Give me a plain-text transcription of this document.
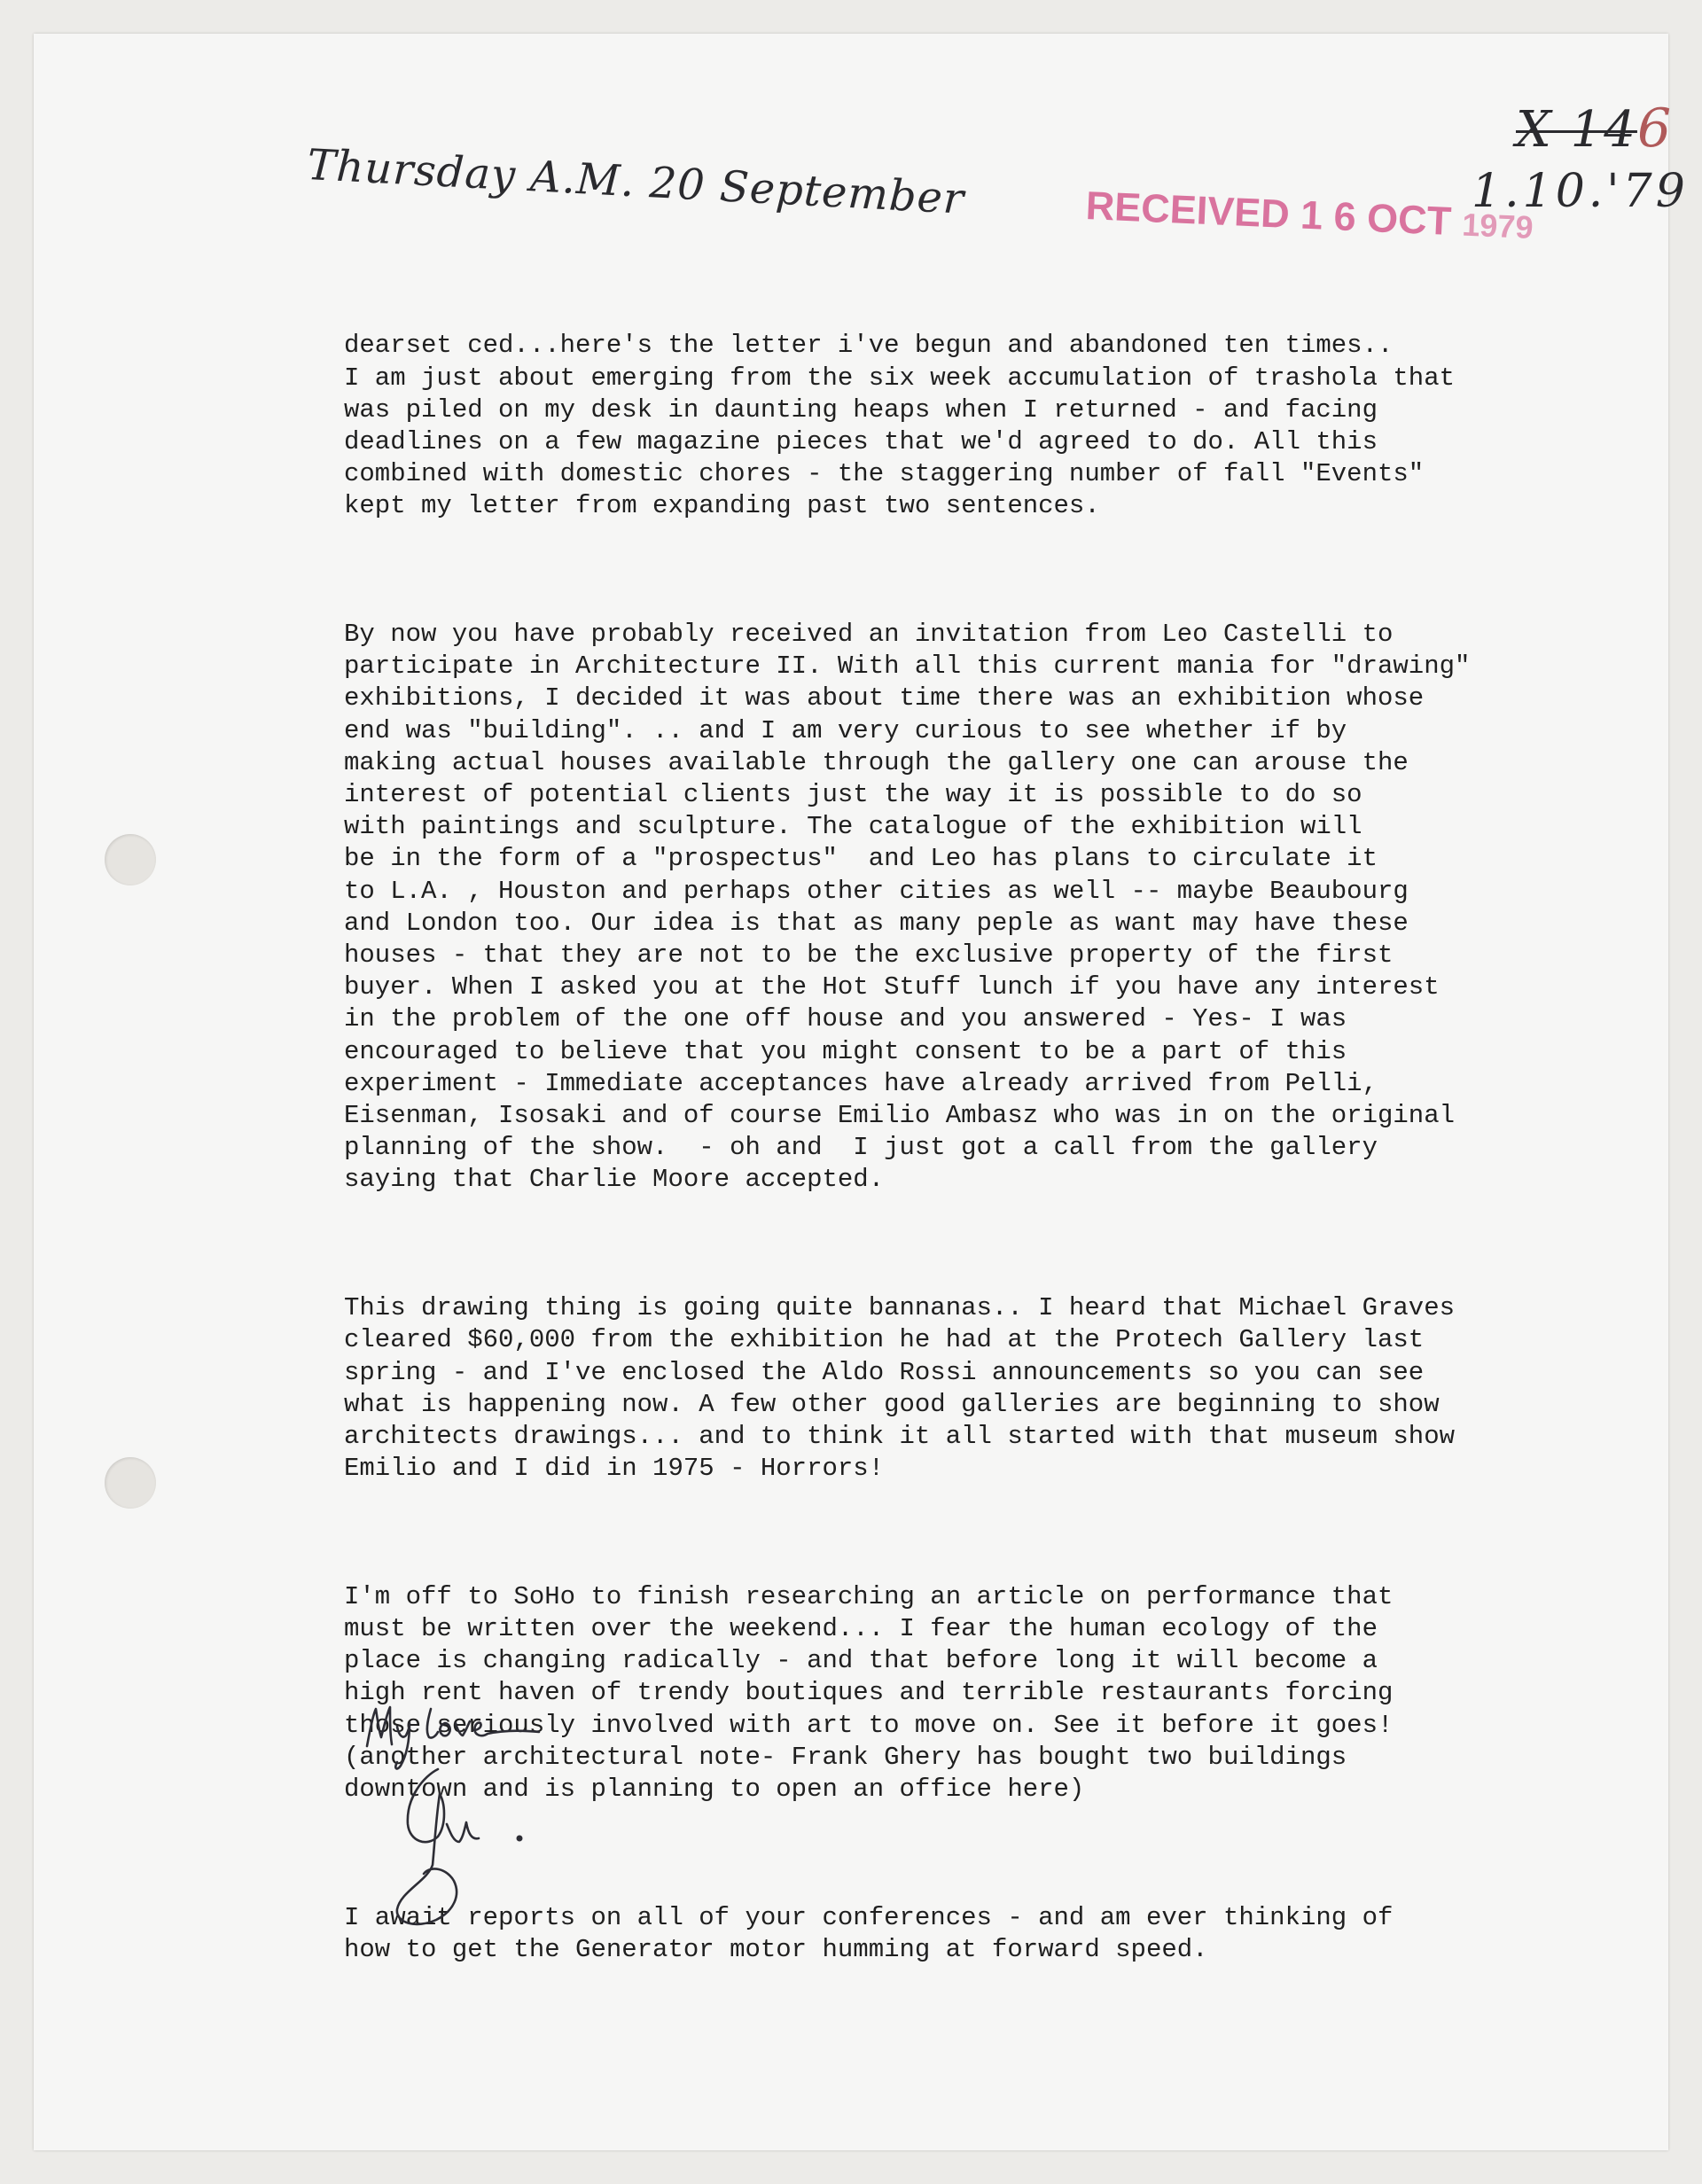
Thursday A.M. 20 September
X 146
1.10.'79
RECEIVED 1 6 OCT 1979

dearset ced...here's the letter i've begun and abandoned ten times..
I am just about emerging from the six week accumulation of trashola that
was piled on my desk in daunting heaps when I returned - and facing
deadlines on a few magazine pieces that we'd agreed to do. All this
combined with domestic chores - the staggering number of fall "Events"
kept my letter from expanding past two sentences.

By now you have probably received an invitation from Leo Castelli to
participate in Architecture II. With all this current mania for "drawing"
exhibitions, I decided it was about time there was an exhibition whose
end was "building". .. and I am very curious to see whether if by
making actual houses available through the gallery one can arouse the
interest of potential clients just the way it is possible to do so
with paintings and sculpture. The catalogue of the exhibition will
be in the form of a "prospectus"  and Leo has plans to circulate it
to L.A. , Houston and perhaps other cities as well -- maybe Beaubourg
and London too. Our idea is that as many peple as want may have these
houses - that they are not to be the exclusive property of the first
buyer. When I asked you at the Hot Stuff lunch if you have any interest
in the problem of the one off house and you answered - Yes- I was
encouraged to believe that you might consent to be a part of this
experiment - Immediate acceptances have already arrived from Pelli,
Eisenman, Isosaki and of course Emilio Ambasz who was in on the original
planning of the show.  - oh and  I just got a call from the gallery
saying that Charlie Moore accepted.

This drawing thing is going quite bannanas.. I heard that Michael Graves
cleared $60,000 from the exhibition he had at the Protech Gallery last
spring - and I've enclosed the Aldo Rossi announcements so you can see
what is happening now. A few other good galleries are beginning to show
architects drawings... and to think it all started with that museum show
Emilio and I did in 1975 - Horrors!

I'm off to SoHo to finish researching an article on performance that
must be written over the weekend... I fear the human ecology of the
place is changing radically - and that before long it will become a
high rent haven of trendy boutiques and terrible restaurants forcing
those seriously involved with art to move on. See it before it goes!
(another architectural note- Frank Ghery has bought two buildings
downtown and is planning to open an office here)

I await reports on all of your conferences - and am ever thinking of
how to get the Generator motor humming at forward speed.
